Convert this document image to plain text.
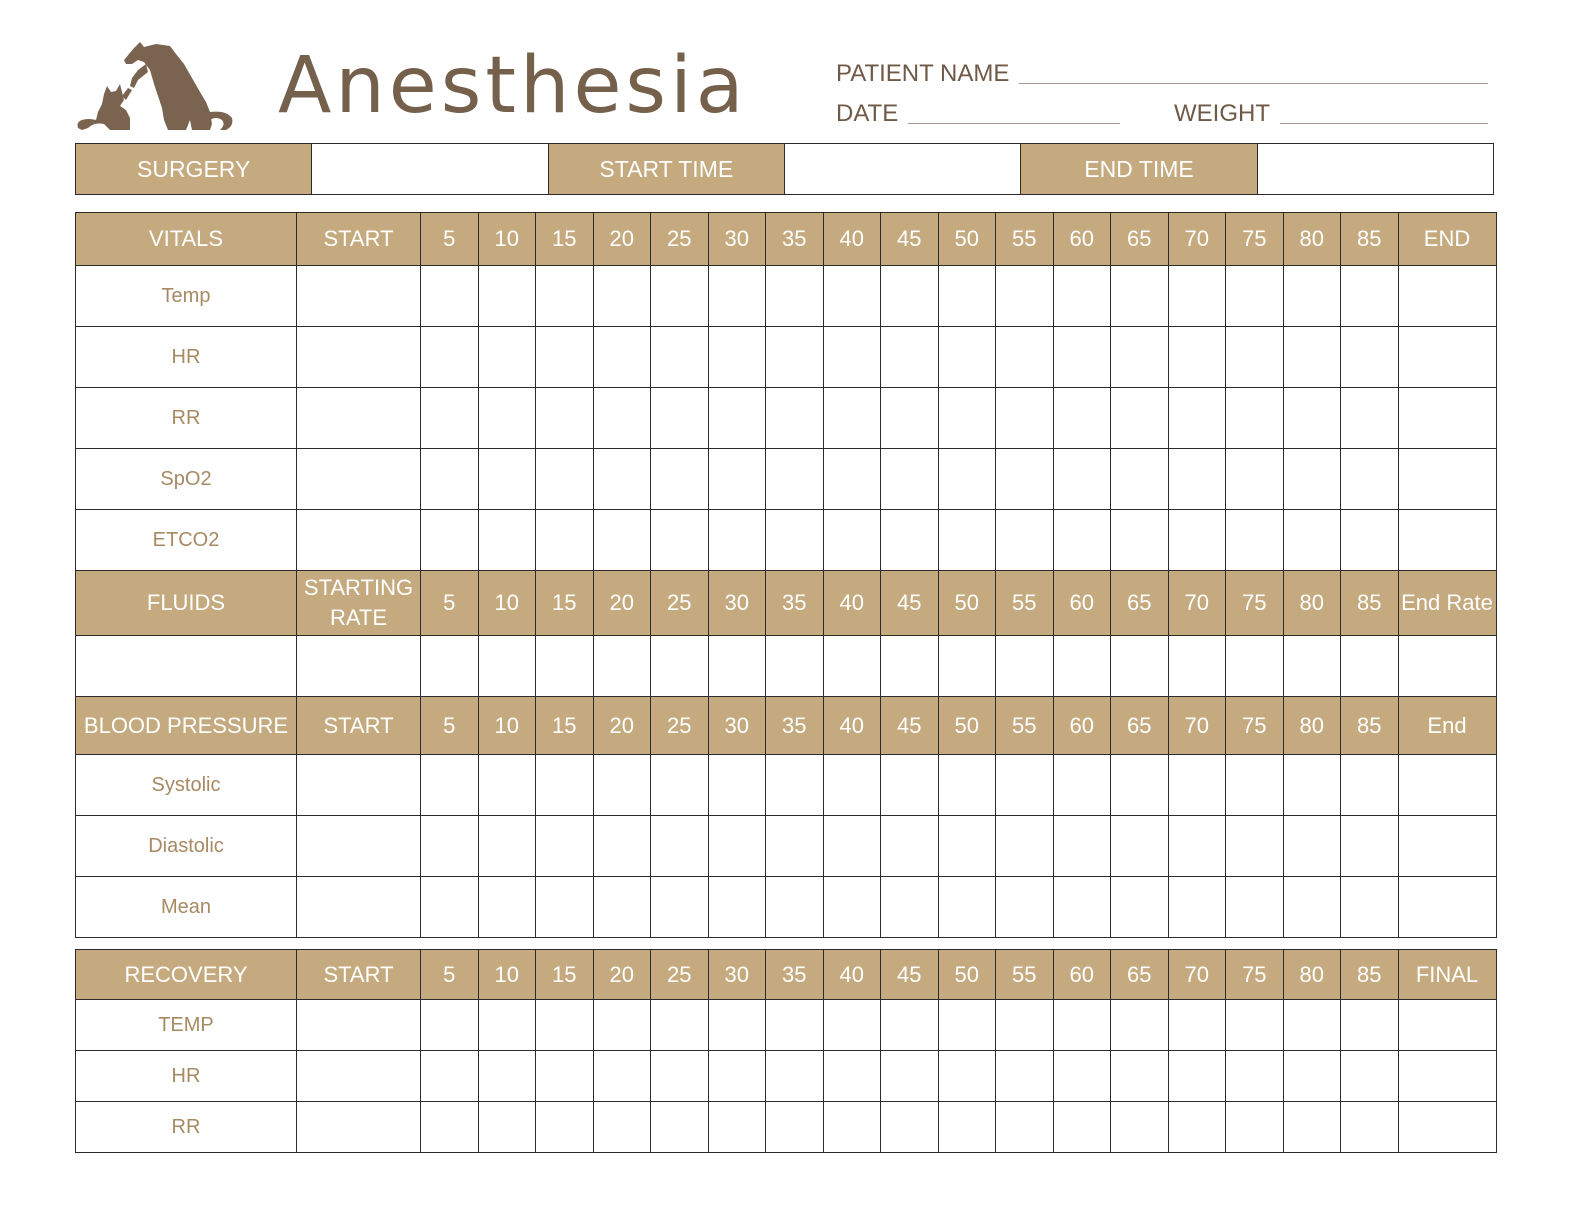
Anesthesia	PATIENT NAME
DATE	WEIGHT
SURGERY	START TIME	END TIME
VITALS	START	5	10	15	20	25	30	35	40	45	50	55	60	65	70	75	80	85	END
Temp																			
HR																			
RR																			
SpO2																			
ETCO2																			
FLUIDS	STARTING RATE	5	10	15	20	25	30	35	40	45	50	55	60	65	70	75	80	85	End Rate

BLOOD PRESSURE	START	5	10	15	20	25	30	35	40	45	50	55	60	65	70	75	80	85	End
Systolic																			
Diastolic																			
Mean																			
RECOVERY	START	5	10	15	20	25	30	35	40	45	50	55	60	65	70	75	80	85	FINAL
TEMP																			
HR																			
RR																			
